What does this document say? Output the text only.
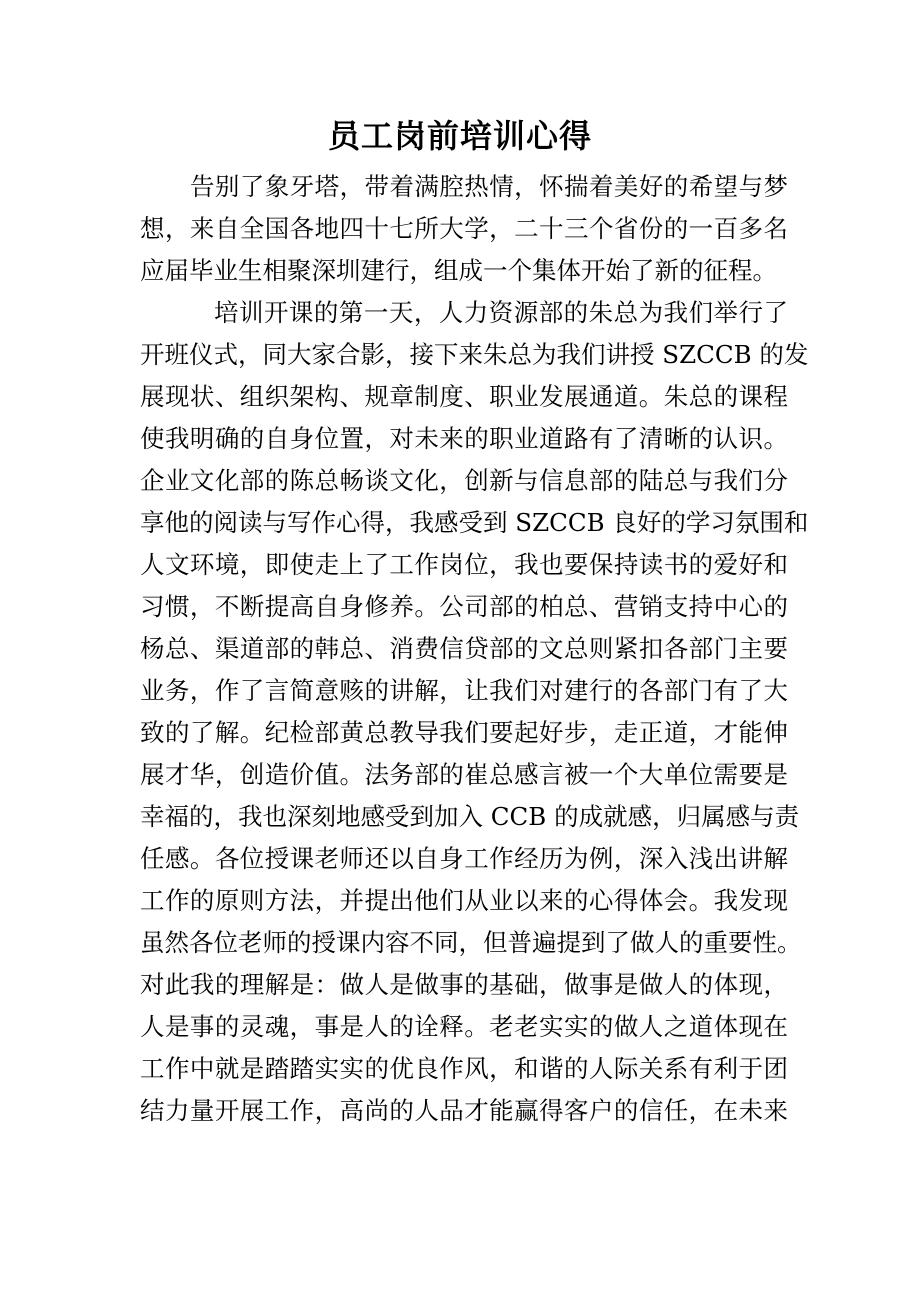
员工岗前培训心得
告别了象牙塔，带着满腔热情，怀揣着美好的希望与梦
想，来自全国各地四十七所大学，二十三个省份的一百多名
应届毕业生相聚深圳建行，组成一个集体开始了新的征程。
培训开课的第一天，人力资源部的朱总为我们举行了
开班仪式，同大家合影，接下来朱总为我们讲授 SZCCB 的发
展现状、组织架构、规章制度、职业发展通道。朱总的课程
使我明确的自身位置，对未来的职业道路有了清晰的认识。
企业文化部的陈总畅谈文化，创新与信息部的陆总与我们分
享他的阅读与写作心得，我感受到 SZCCB 良好的学习氛围和
人文环境，即使走上了工作岗位，我也要保持读书的爱好和
习惯，不断提高自身修养。公司部的柏总、营销支持中心的
杨总、渠道部的韩总、消费信贷部的文总则紧扣各部门主要
业务，作了言简意赅的讲解，让我们对建行的各部门有了大
致的了解。纪检部黄总教导我们要起好步，走正道，才能伸
展才华，创造价值。法务部的崔总感言被一个大单位需要是
幸福的，我也深刻地感受到加入 CCB 的成就感，归属感与责
任感。各位授课老师还以自身工作经历为例，深入浅出讲解
工作的原则方法，并提出他们从业以来的心得体会。我发现
虽然各位老师的授课内容不同，但普遍提到了做人的重要性。
对此我的理解是：做人是做事的基础，做事是做人的体现，
人是事的灵魂，事是人的诠释。老老实实的做人之道体现在
工作中就是踏踏实实的优良作风，和谐的人际关系有利于团
结力量开展工作，高尚的人品才能赢得客户的信任，在未来
